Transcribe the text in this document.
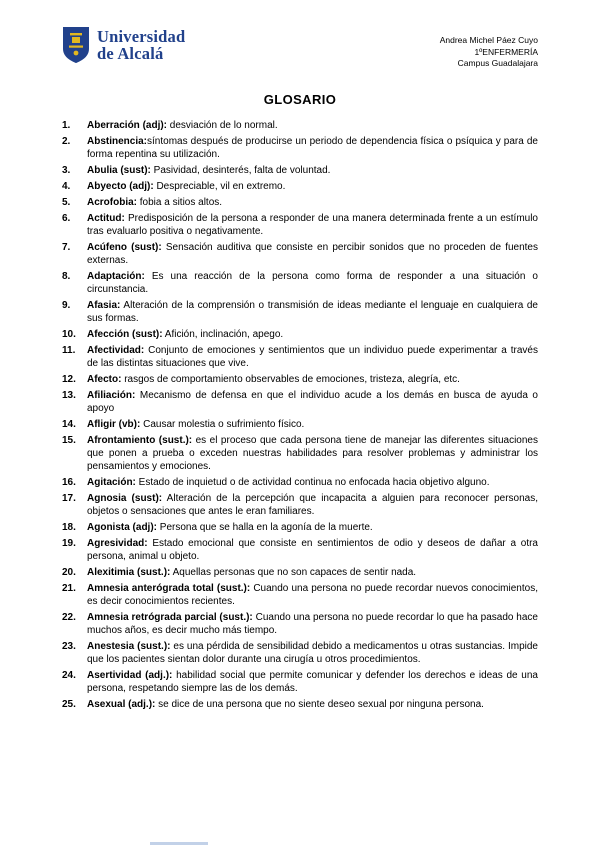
Universidad
de Alcalá
Andrea Michel Páez Cuyo
1ºENFERMERÍA
Campus Guadalajara
GLOSARIO
1.	Aberración (adj): desviación de lo normal.

2.	Abstinencia:síntomas después de producirse un periodo de dependencia física o psíquica y para de forma repentina su utilización.

3.	Abulia (sust): Pasividad, desinterés, falta de voluntad.

4.	Abyecto (adj): Despreciable, vil en extremo.

5.	Acrofobia: fobia a sitios altos.

6.	Actitud: Predisposición de la persona a responder de una manera determinada frente a un estímulo tras evaluarlo positiva o negativamente.

7.	Acúfeno (sust): Sensación auditiva que consiste en percibir sonidos que no proceden de fuentes externas.

8.	Adaptación: Es una reacción de la persona como forma de responder a una situación o circunstancia.

9.	Afasia: Alteración de la comprensión o transmisión de ideas mediante el lenguaje en cualquiera de sus formas.

10.	Afección (sust): Afición, inclinación, apego.

11.	Afectividad: Conjunto de emociones y sentimientos que un individuo puede experimentar a través de las distintas situaciones que vive.

12.	Afecto: rasgos de comportamiento observables de emociones, tristeza, alegría, etc.

13.	Afiliación: Mecanismo de defensa en que el individuo acude a los demás en busca de ayuda o apoyo

14.	Afligir (vb): Causar molestia o sufrimiento físico.

15.	Afrontamiento (sust.): es el proceso que cada persona tiene de manejar las diferentes situaciones que ponen a prueba o exceden nuestras habilidades para resolver problemas y administrar los pensamientos y emociones.

16.	Agitación: Estado de inquietud o de actividad continua no enfocada hacia objetivo alguno.

17.	Agnosia (sust): Alteración de la percepción que incapacita a alguien para reconocer personas, objetos o sensaciones que antes le eran familiares.

18.	Agonista (adj): Persona que se halla en la agonía de la muerte.

19.	Agresividad: Estado emocional que consiste en sentimientos de odio y deseos de dañar a otra persona, animal u objeto.

20.	Alexitimia (sust.): Aquellas personas que no son capaces de sentir nada.

21.	Amnesia anterógrada total (sust.): Cuando una persona no puede recordar nuevos conocimientos, es decir conocimientos recientes.

22.	Amnesia retrógrada parcial (sust.): Cuando una persona no puede recordar lo que ha pasado hace muchos años, es decir mucho más tiempo.

23.	Anestesia (sust.): es una pérdida de sensibilidad debido a medicamentos u otras sustancias. Impide que los pacientes sientan dolor durante una cirugía u otros procedimientos.

24.	Asertividad (adj.): habilidad social que permite comunicar y defender los derechos e ideas de una persona, respetando siempre las de los demás.

25.	Asexual (adj.): se dice de una persona que no siente deseo sexual por ninguna persona.
